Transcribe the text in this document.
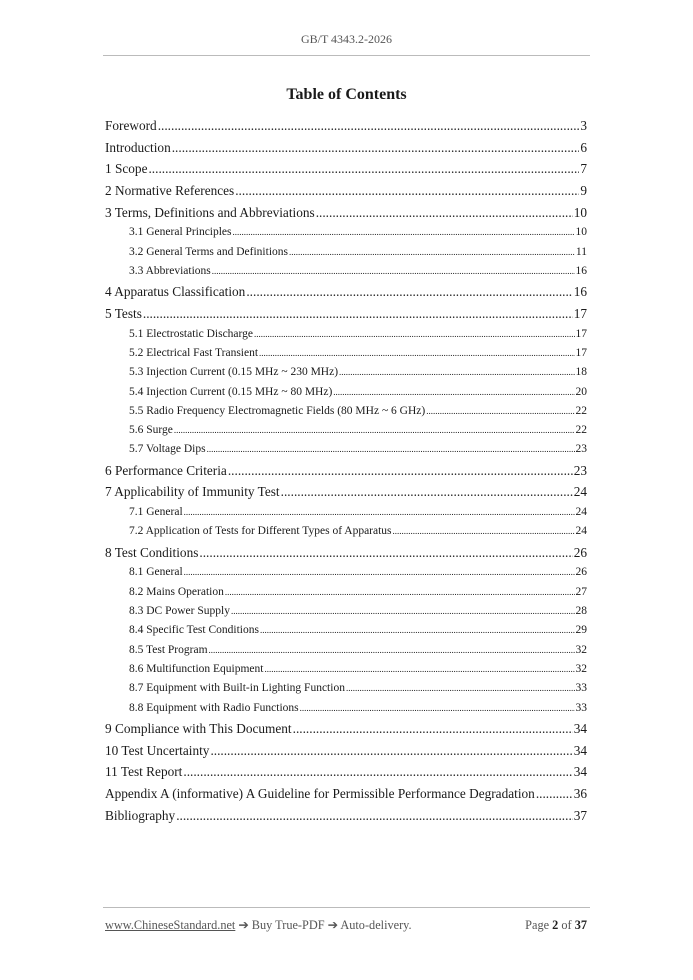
GB/T 4343.2-2026
Table of Contents
Foreword .....	3
Introduction .....	6
1 Scope .....	7
2 Normative References .....	9
3 Terms, Definitions and Abbreviations .....	10
3.1 General Principles .....	10
3.2 General Terms and Definitions .....	11
3.3 Abbreviations .....	16
4 Apparatus Classification .....	16
5 Tests .....	17
5.1 Electrostatic Discharge .....	17
5.2 Electrical Fast Transient .....	17
5.3 Injection Current (0.15 MHz ~ 230 MHz) .....	18
5.4 Injection Current (0.15 MHz ~ 80 MHz) .....	20
5.5 Radio Frequency Electromagnetic Fields (80 MHz ~ 6 GHz) .....	22
5.6 Surge .....	22
5.7 Voltage Dips .....	23
6 Performance Criteria .....	23
7 Applicability of Immunity Test .....	24
7.1 General .....	24
7.2 Application of Tests for Different Types of Apparatus .....	24
8 Test Conditions .....	26
8.1 General .....	26
8.2 Mains Operation .....	27
8.3 DC Power Supply .....	28
8.4 Specific Test Conditions .....	29
8.5 Test Program .....	32
8.6 Multifunction Equipment .....	32
8.7 Equipment with Built-in Lighting Function .....	33
8.8 Equipment with Radio Functions .....	33
9 Compliance with This Document .....	34
10 Test Uncertainty .....	34
11 Test Report .....	34
Appendix A (informative) A Guideline for Permissible Performance Degradation .....	36
Bibliography .....	37
www.ChineseStandard.net ➔ Buy True-PDF ➔ Auto-delivery.	Page 2 of 37
